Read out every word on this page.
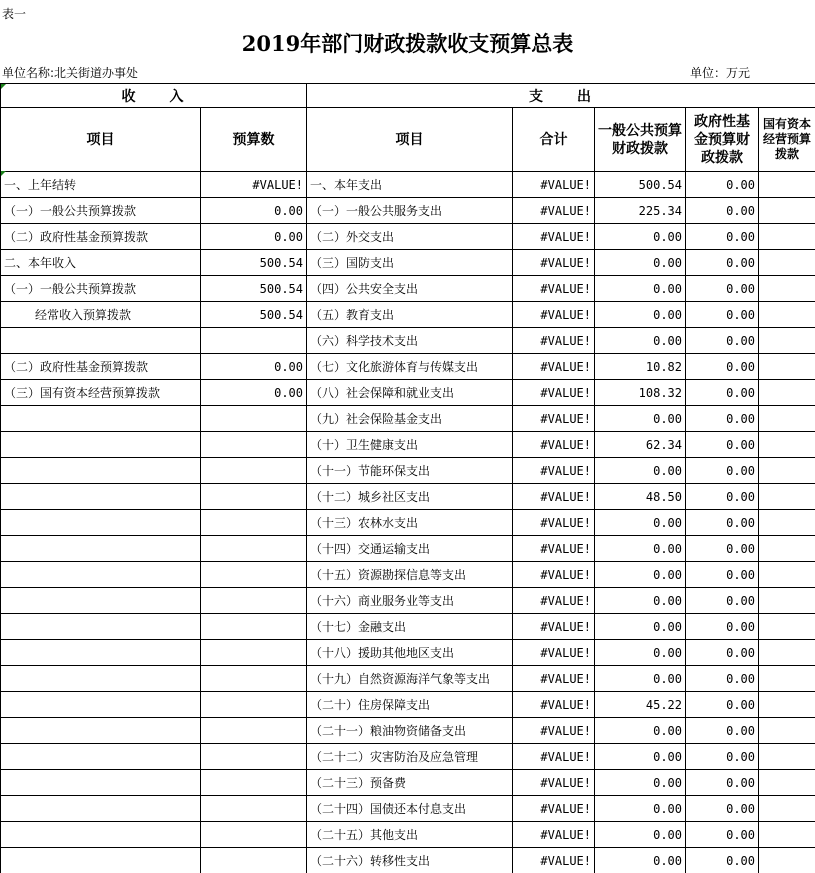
表一
2019年部门财政拨款收支预算总表
单位名称:北关街道办事处	单位：万元
收　　入		支　　出				
项目	预算数	项目	合计	一般公共预算财政拨款	政府性基金预算财政拨款	国有资本经营预算拨款
一、上年结转	#VALUE!	一、本年支出	#VALUE!	500.54	0.00	
（一）一般公共预算拨款	0.00	（一）一般公共服务支出	#VALUE!	225.34	0.00	
（二）政府性基金预算拨款	0.00	（二）外交支出	#VALUE!	0.00	0.00	
二、本年收入	500.54	（三）国防支出	#VALUE!	0.00	0.00	
（一）一般公共预算拨款	500.54	（四）公共安全支出	#VALUE!	0.00	0.00	
经常收入预算拨款	500.54	（五）教育支出	#VALUE!	0.00	0.00	
		（六）科学技术支出	#VALUE!	0.00	0.00	
（二）政府性基金预算拨款	0.00	（七）文化旅游体育与传媒支出	#VALUE!	10.82	0.00	
（三）国有资本经营预算拨款	0.00	（八）社会保障和就业支出	#VALUE!	108.32	0.00	
		（九）社会保险基金支出	#VALUE!	0.00	0.00	
		（十）卫生健康支出	#VALUE!	62.34	0.00	
		（十一）节能环保支出	#VALUE!	0.00	0.00	
		（十二）城乡社区支出	#VALUE!	48.50	0.00	
		（十三）农林水支出	#VALUE!	0.00	0.00	
		（十四）交通运输支出	#VALUE!	0.00	0.00	
		（十五）资源勘探信息等支出	#VALUE!	0.00	0.00	
		（十六）商业服务业等支出	#VALUE!	0.00	0.00	
		（十七）金融支出	#VALUE!	0.00	0.00	
		（十八）援助其他地区支出	#VALUE!	0.00	0.00	
		（十九）自然资源海洋气象等支出	#VALUE!	0.00	0.00	
		（二十）住房保障支出	#VALUE!	45.22	0.00	
		（二十一）粮油物资储备支出	#VALUE!	0.00	0.00	
		（二十二）灾害防治及应急管理	#VALUE!	0.00	0.00	
		（二十三）预备费	#VALUE!	0.00	0.00	
		（二十四）国债还本付息支出	#VALUE!	0.00	0.00	
		（二十五）其他支出	#VALUE!	0.00	0.00	
		（二十六）转移性支出	#VALUE!	0.00	0.00	
